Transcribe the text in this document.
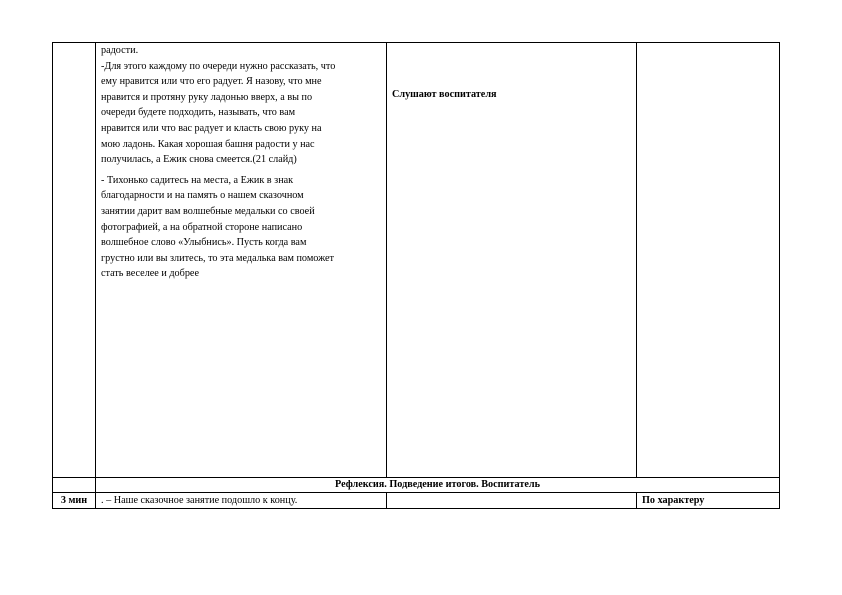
радости.
-Для этого каждому по очереди нужно рассказать, что
ему нравится или что его радует. Я назову, что мне
нравится и протяну руку ладонью вверх, а вы по
очереди будете подходить, называть, что вам
нравится или что вас радует и класть свою руку на
мою ладонь. Какая хорошая башня радости у нас
получилась, а Ежик снова смеется.(21 слайд)
- Тихонько садитесь на места, а Ежик в знак
благодарности и на память о нашем сказочном
занятии дарит вам волшебные медальки со своей
фотографией, а на обратной стороне написано
волшебное слово «Улыбнись». Пусть когда вам
грустно или вы злитесь, то эта медалька вам поможет
стать веселее и добрее
Слушают воспитателя
Рефлексия. Подведение итогов. Воспитатель
3 мин	. – Наше сказочное занятие подошло к концу.	По характеру
